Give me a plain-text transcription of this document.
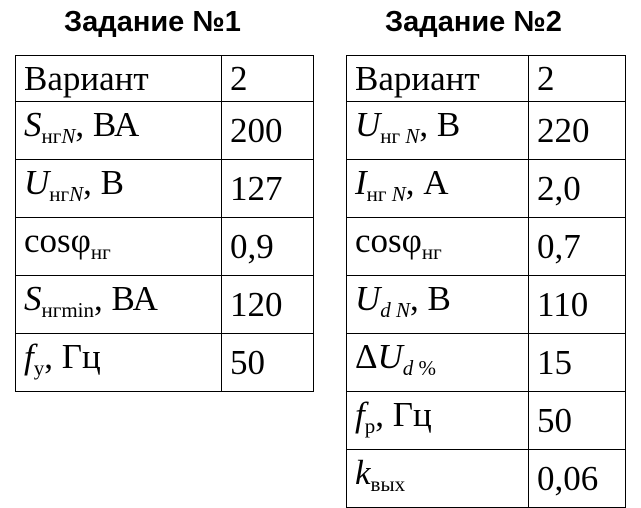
Задание №1	Задание №2
Вариант	2
$S_{нгN}$, ВА	200
$U_{нгN}$, В	127
cosφ$_{нг}$	0,9
$S_{нгmin}$, ВА	120
$f_у$, Гц	50
Вариант	2
$U_{нг N}$, В	220
$I_{нг N}$, А	2,0
cosφ$_{нг}$	0,7
$U_{d N}$, В	110
$\Delta U_{d \%}$	15
$f_р$, Гц	50
$k_{вых}$	0,06
